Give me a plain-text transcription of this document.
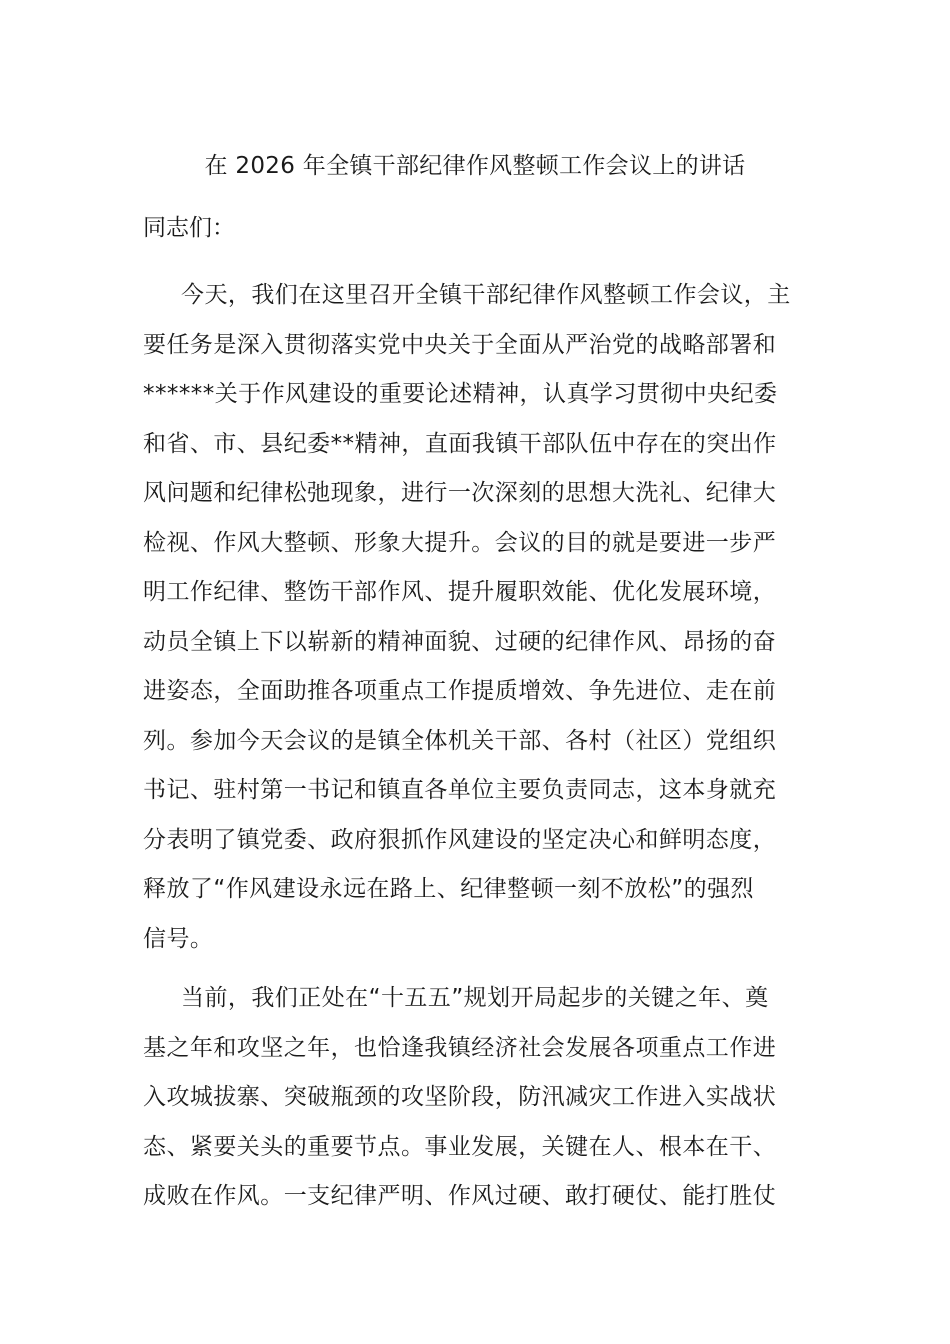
在 2026 年全镇干部纪律作风整顿工作会议上的讲话
同志们：
今天，我们在这里召开全镇干部纪律作风整顿工作会议，主
要任务是深入贯彻落实党中央关于全面从严治党的战略部署和
******关于作风建设的重要论述精神，认真学习贯彻中央纪委
和省、市、县纪委**精神，直面我镇干部队伍中存在的突出作
风问题和纪律松弛现象，进行一次深刻的思想大洗礼、纪律大
检视、作风大整顿、形象大提升。会议的目的就是要进一步严
明工作纪律、整饬干部作风、提升履职效能、优化发展环境，
动员全镇上下以崭新的精神面貌、过硬的纪律作风、昂扬的奋
进姿态，全面助推各项重点工作提质增效、争先进位、走在前
列。参加今天会议的是镇全体机关干部、各村（社区）党组织
书记、驻村第一书记和镇直各单位主要负责同志，这本身就充
分表明了镇党委、政府狠抓作风建设的坚定决心和鲜明态度，
释放了“作风建设永远在路上、纪律整顿一刻不放松”的强烈
信号。
当前，我们正处在“十五五”规划开局起步的关键之年、奠
基之年和攻坚之年，也恰逢我镇经济社会发展各项重点工作进
入攻城拔寨、突破瓶颈的攻坚阶段，防汛减灾工作进入实战状
态、紧要关头的重要节点。事业发展，关键在人、根本在干、
成败在作风。一支纪律严明、作风过硬、敢打硬仗、能打胜仗
